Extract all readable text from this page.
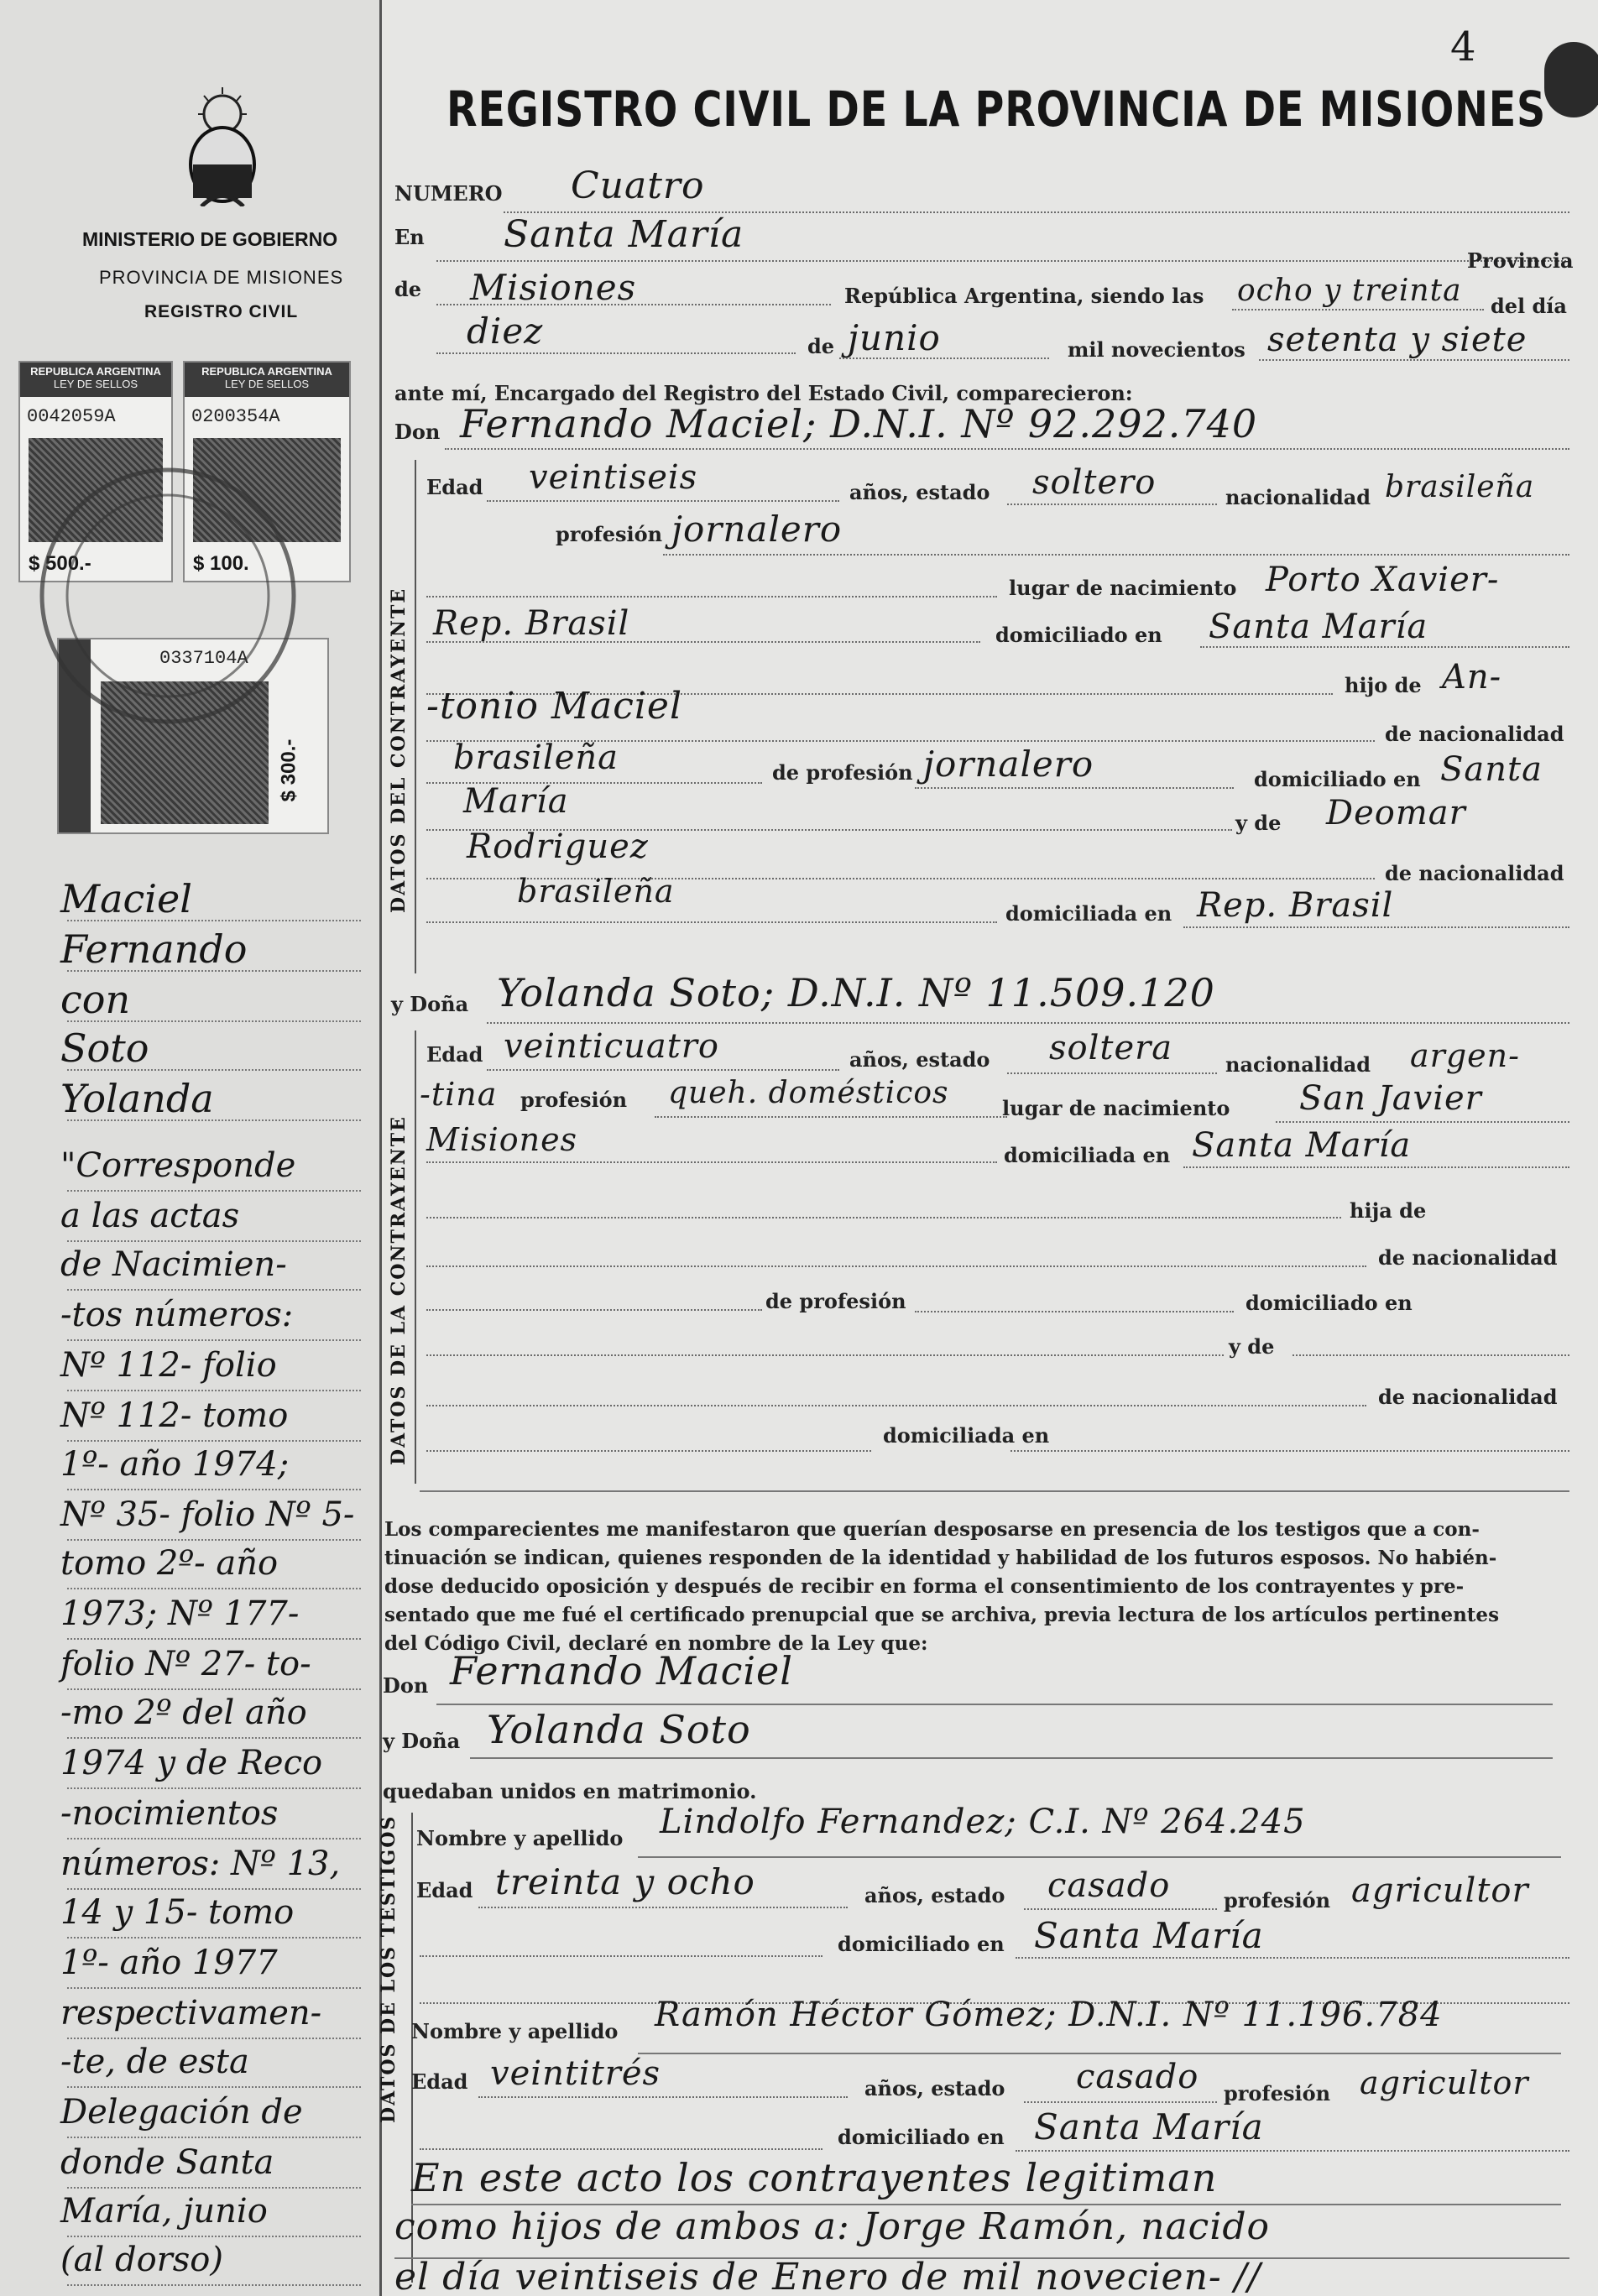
4
MINISTERIO DE GOBIERNO
PROVINCIA DE MISIONES
REGISTRO CIVIL
REPUBLICA ARGENTINA
LEY DE SELLOS
0042059A
$ 500.-
REPUBLICA ARGENTINA
LEY DE SELLOS
0200354A
$ 100.
0337104A
$ 300.-
Maciel
Fernando
con
Soto
Yolanda
"Corresponde
a las actas
de Nacimien-
-tos números:
Nº 112- folio
Nº 112- tomo
1º- año 1974;
Nº 35- folio Nº 5-
tomo 2º- año
1973; Nº 177-
folio Nº 27- to-
-mo 2º del año
1974 y de Reco
-nocimientos
números: Nº 13,
14 y 15- tomo
1º- año 1977
respectivamen-
-te, de esta
Delegación de
donde Santa
María, junio
(al dorso)
REGISTRO CIVIL DE LA PROVINCIA DE MISIONES
NUMERO Cuatro
En Santa María
Provincia
de Misiones	República Argentina, siendo las ocho y treinta del día
diez	de junio	mil novecientos setenta y siete
ante mí, Encargado del Registro del Estado Civil, comparecieron:
Don Fernando Maciel; D.N.I. Nº 92.292.740
DATOS DEL CONTRAYENTE
Edad veintiseis	años, estado soltero	nacionalidad brasileña
profesión jornalero
lugar de nacimiento Porto Xavier-
Rep. Brasil	domiciliado en Santa María
hijo de An-
-tonio Maciel
de nacionalidad
brasileña	de profesión jornalero	domiciliado en Santa
María
y de Deomar
Rodriguez
de nacionalidad
brasileña
domiciliada en Rep. Brasil
y Doña Yolanda Soto; D.N.I. Nº 11.509.120
DATOS DE LA CONTRAYENTE
Edad veinticuatro	años, estado soltera	nacionalidad argen-
-tina profesión queh. domésticos	lugar de nacimiento San Javier
Misiones	domiciliada en Santa María
hija de
de nacionalidad
de profesión	domiciliado en
y de
de nacionalidad
domiciliada en
Los comparecientes me manifestaron que querían desposarse en presencia de los testigos que a con-
tinuación se indican, quienes responden de la identidad y habilidad de los futuros esposos. No habién-
dose deducido oposición y después de recibir en forma el consentimiento de los contrayentes y pre-
sentado que me fué el certificado prenupcial que se archiva, previa lectura de los artículos pertinentes
del Código Civil, declaré en nombre de la Ley que:
Don Fernando Maciel
y Doña Yolanda Soto
quedaban unidos en matrimonio.
DATOS DE LOS TESTIGOS Nombre y apellido Lindolfo Fernandez; C.I. Nº 264.245
Edad treinta y ocho	años, estado casado	profesión agricultor
domiciliado en Santa María
Nombre y apellido Ramón Héctor Gómez; D.N.I. Nº 11.196.784
Edad veintitrés	años, estado casado profesión agricultor
domiciliado en Santa María
En este acto los contrayentes legitiman
como hijos de ambos a: Jorge Ramón, nacido
el día veintiseis de Enero de mil novecien- //
